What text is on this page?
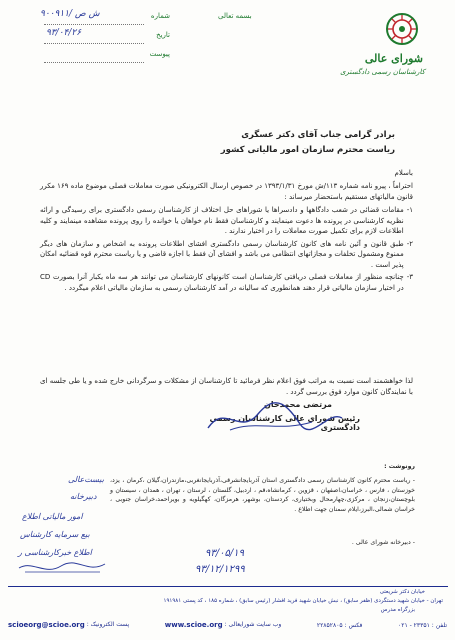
شورای عالی
کارشناسان رسمی دادگستری
بسمه تعالی
شماره
۹۰۰۹۱۱/ ش ص
تاریخ
۹۳/۰۴/۲۶
پیوست
برادر گرامی جناب آقای دکتر عسگری
ریاست محترم سازمان امور مالیاتی کشور
باسلام
احتراماً ، پیرو نامه شماره ۱۱۳/ش مورخ ۱۳۹۳/۱/۳۱ در خصوص ارسال الکترونیکی صورت معاملات فصلی موضوع ماده ۱۶۹ مکرر قانون مالیاتهای مستقیم باستحضار میرساند :
۱-
مقامات قضائی در شعب دادگاهها و دادسراها یا شوراهای حل اختلاف از کارشناسان رسمی دادگستری برای رسیدگی و ارائه نظریه کارشناسی در پرونده ها دعوت مینمایند و کارشناسان فقط نام خواهان یا خوانده را روی پرونده مشاهده مینمایند و کلیه اطلاعات لازم برای تکمیل صورت معاملات را در اختیار ندارند .
۲-
طبق قانون و آئین نامه های کانون کارشناسان رسمی دادگستری افشای اطلاعات پرونده به اشخاص و سازمان های دیگر ممنوع ومشمول تخلفات و مجازاتهای انتظامی می باشد و افشای آن فقط با اجازه قاضی و یا ریاست محترم قوه قضائیه امکان پذیر است .
۳-
چنانچه منظور از معاملات فصلی دریافتی کارشناسان است کانونهای کارشناسان می توانند هر سه ماه یکبار آنرا بصورت CD در اختیار سازمان مالیاتی قرار دهند همانطوری که سالیانه در آمد کارشناسان رسمی به سازمان مالیاتی اعلام میگردد .
لذا خواهشمند است نسبت به مراتب فوق اعلام نظر فرمائید تا کارشناسان از مشکلات و سرگردانی خارج شده و یا طی جلسه ای با نمایندگان کانون موارد فوق بررسی گردد .
مرتضی محمدخان
رئیس شورای عالی کارشناسان رسمی دادگستری
رونوشت :
- ریاست محترم کانون کارشناسان رسمی دادگستری استان آذربایجانشرقی،آذربایجانغربی،مازندران،گیلان ،کرمان ، یزد، خوزستان ، فارس ، خراسان،اصفهان ، قزوین ، کرمانشاه،قم ، اردبیل، گلستان ، لرستان ، تهران ، همدان ، سیستان و بلوچستان،زنجان ، مرکزی،چهارمحال وبختیاری، کردستان، بوشهر، هرمزگان، کهگیلویه و بویراحمد،خراسان جنوبی ، خراسان شمالی،البرز،ایلام سمنان جهت اطلاع .
- دبیرخانه شورای عالی .
بیست‌عالی
دبیرخانه
امور مالیاتی اطلاع
بیع سرمایه کارشناس
اطلاع خبرکارشناسی ر	۹۳/۰۵/۱۹
۹۳/۱۲/۱۲۹۹
خیابان دکتر شریعتی
تهران - خیابان شهید دستگردی (ظفر سابق) ، نبش خیابان شهید فرید افشار (رئیس سابق) ، شماره ۱۸۵ ، کد پستی ۱۹۱۹۸۱
بزرگراه مدرس
تلفن :
۲۳۳۵۱ - ۰۲۱
فکس :
۲۲۸۵۲۸۰۵
وب سایت شورایعالی :
www.scioe.org
پست الکترونیک :
scioeorg@scioe.org
